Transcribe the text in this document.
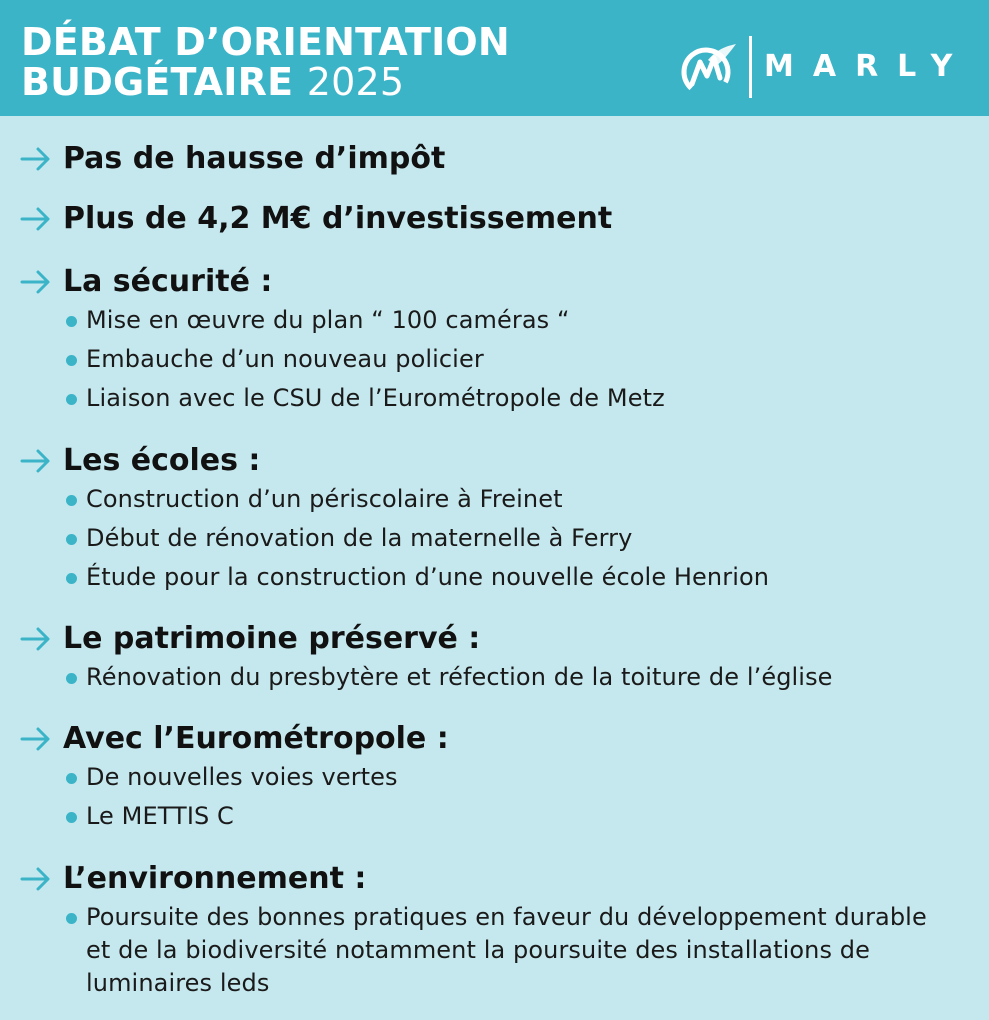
DÉBAT D’ORIENTATION
BUDGÉTAIRE 2025	MARLY
Pas de hausse d’impôt
Plus de 4,2 M€ d’investissement
La sécurité :
Mise en œuvre du plan “ 100 caméras “
Embauche d’un nouveau policier
Liaison avec le CSU de l’Eurométropole de Metz
Les écoles :
Construction d’un périscolaire à Freinet
Début de rénovation de la maternelle à Ferry
Étude pour la construction d’une nouvelle école Henrion
Le patrimoine préservé :
Rénovation du presbytère et réfection de la toiture de l’église
Avec l’Eurométropole :
De nouvelles voies vertes
Le METTIS C
L’environnement :
Poursuite des bonnes pratiques en faveur du développement durable et de la biodiversité notamment la poursuite des installations de luminaires leds
